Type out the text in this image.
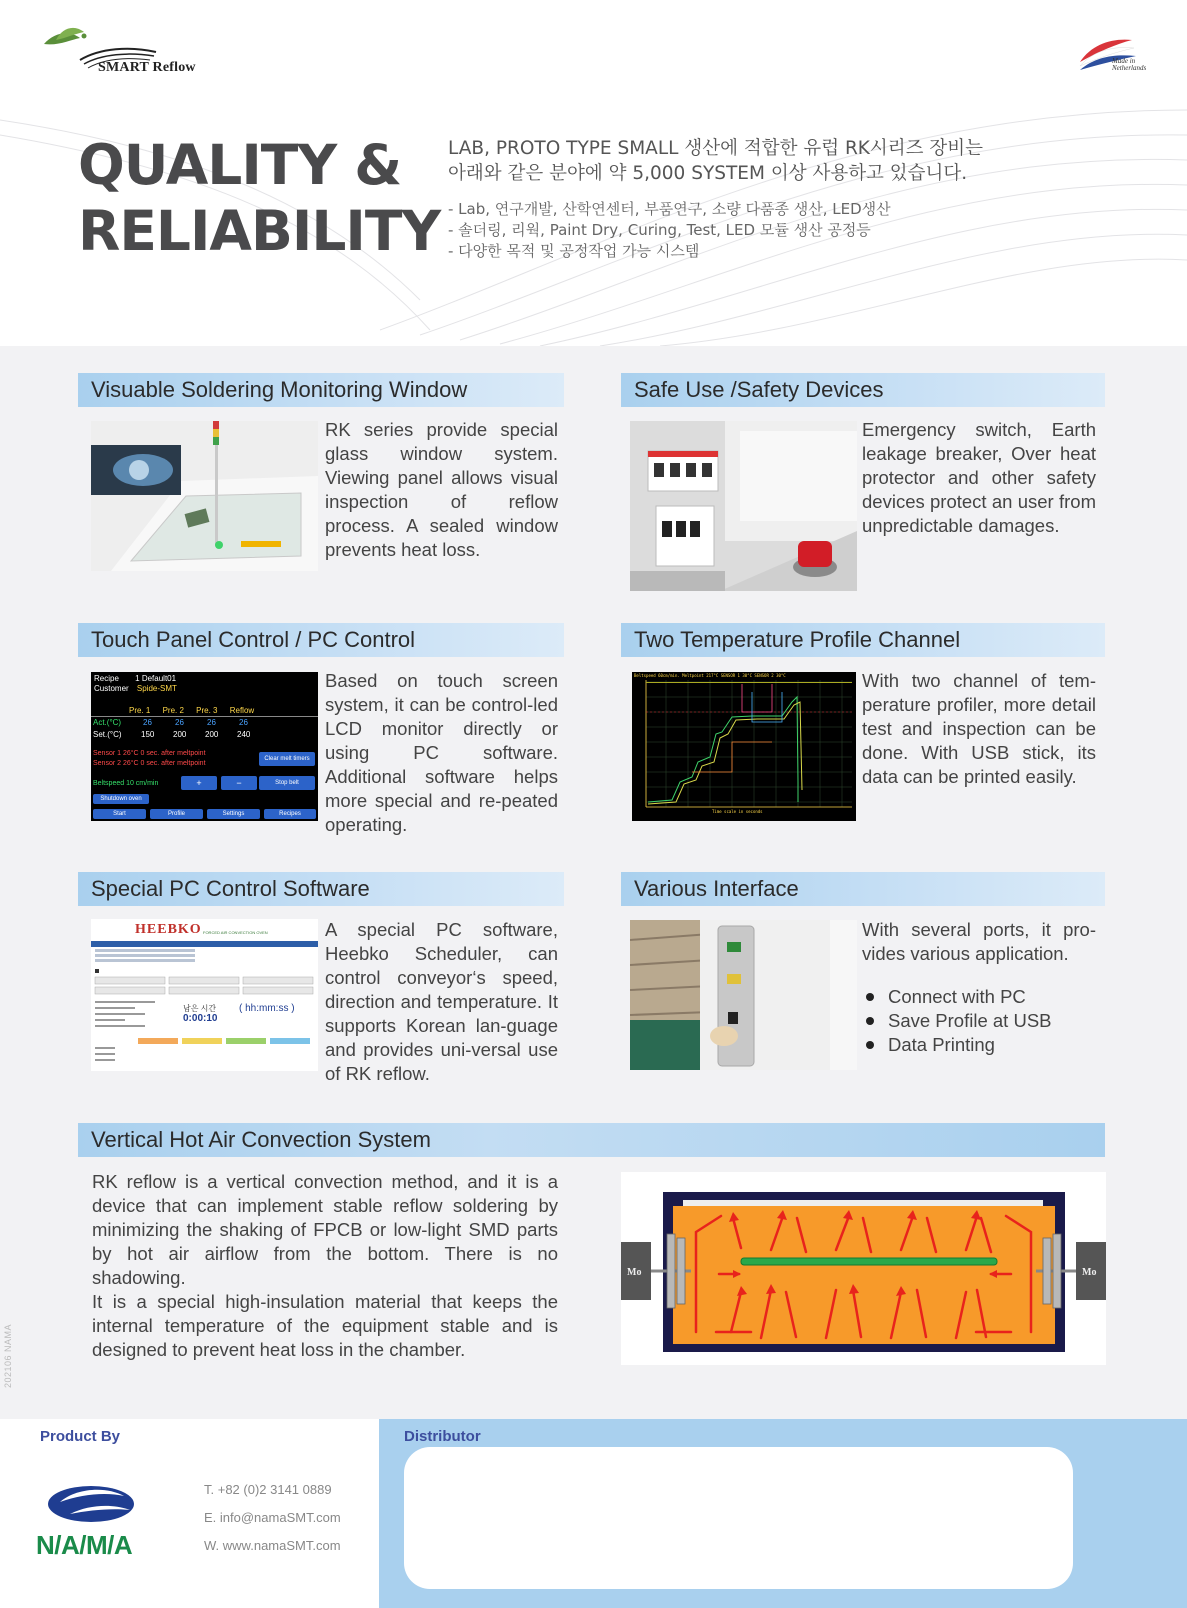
SMART Reflow	Made in
Netherlands
QUALITY &
RELIABILITY
LAB, PROTO TYPE SMALL 생산에 적합한 유럽 RK시리즈 장비는
아래와 같은 분야에 약 5,000 SYSTEM 이상 사용하고 있습니다.
- Lab, 연구개발, 산학연센터, 부품연구, 소량 다품종 생산, LED생산
- 솔더링, 리웍, Paint Dry, Curing, Test, LED 모듈 생산 공정등
- 다양한 목적 및 공정작업 가능 시스템
Visuable Soldering Monitoring Window
RK series provide special glass window system. Viewing panel allows visual inspection of reflow process. A sealed window prevents heat loss.
Safe Use /Safety Devices
Emergency switch, Earth leakage breaker, Over heat protector and other safety devices protect an user from unpredictable damages.
Touch Panel Control / PC Control
Recipe 1 Default01
Customer Spide-SMT
Pre. 1 Pre. 2 Pre. 3 Reflow
Act.(°C)	26	26	26	26
Set.(°C) 150 200 200 240
Sensor 1 26°C 0 sec. after meltpoint
Sensor 2 26°C 0 sec. after meltpoint
Clear melt timers
Beltspeed 10 cm/min	+	−	Stop belt
Shutdown oven
Start	Profile	Settings	Recipes
Based on touch screen system, it can be control-led LCD monitor directly or using PC software. Additional software helps more special and re-peated operating.
Two Temperature Profile Channel
Beltspeed 60cm/min. Meltpoint 217°C SENSOR 1 30°C SENSOR 2 30°C
Time scale in seconds
With two channel of tem-perature profiler, more detail test and inspection can be done. With USB stick, its data can be printed easily.
Special PC Control Software
HEEBKO FORCED AIR CONVECTION OVEN
남은 시간
0:00:10
( hh:mm:ss )
A special PC software, Heebko Scheduler, can control conveyor‘s speed, direction and temperature. It supports Korean lan-guage and provides uni-versal use of RK reflow.
Various Interface
With several ports, it pro-vides various application.
Connect with PC
Save Profile at USB
Data Printing
Vertical Hot Air Convection System
RK reflow is a vertical convection method, and it is a device that can implement stable reflow soldering by minimizing the shaking of FPCB or low-light SMD parts by hot air airflow from the bottom. There is no shadowing.
It is a special high-insulation material that keeps the internal temperature of the equipment stable and is designed to prevent heat loss in the chamber.
Mo	Mo
202106 NAMA
Product By	Distributor
N/A/M/A
T. +82 (0)2 3141 0889
E. info@namaSMT.com
W. www.namaSMT.com
